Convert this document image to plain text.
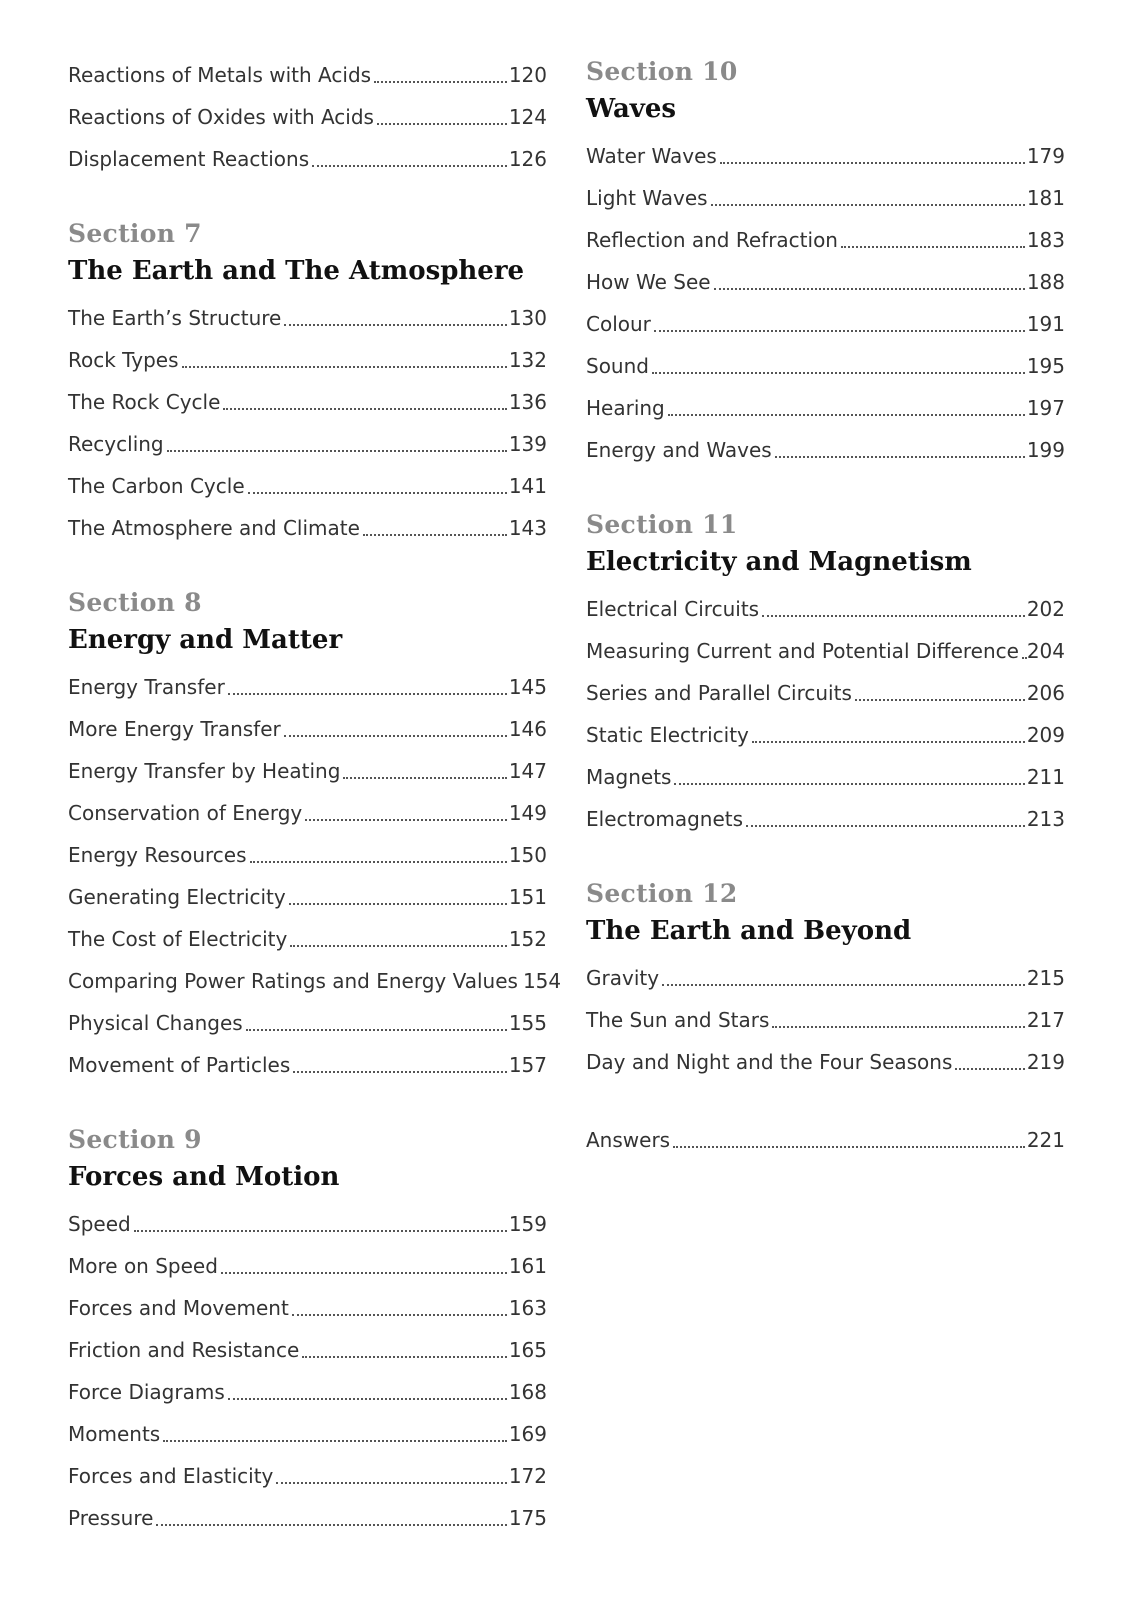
Reactions of Metals with Acids	120
Reactions of Oxides with Acids	124
Displacement Reactions	126
Section 7
The Earth and The Atmosphere
The Earth’s Structure	130
Rock Types	132
The Rock Cycle	136
Recycling	139
The Carbon Cycle	141
The Atmosphere and Climate	143
Section 8
Energy and Matter
Energy Transfer	145
More Energy Transfer	146
Energy Transfer by Heating	147
Conservation of Energy	149
Energy Resources	150
Generating Electricity	151
The Cost of Electricity	152
Comparing Power Ratings and Energy Values 154
Physical Changes	155
Movement of Particles	157
Section 9
Forces and Motion
Speed	159
More on Speed	161
Forces and Movement	163
Friction and Resistance	165
Force Diagrams	168
Moments	169
Forces and Elasticity	172
Pressure	175
Section 10
Waves
Water Waves	179
Light Waves	181
Reflection and Refraction	183
How We See	188
Colour	191
Sound	195
Hearing	197
Energy and Waves	199
Section 11
Electricity and Magnetism
Electrical Circuits	202
Measuring Current and Potential Difference 204
Series and Parallel Circuits	206
Static Electricity	209
Magnets	211
Electromagnets	213
Section 12
The Earth and Beyond
Gravity	215
The Sun and Stars	217
Day and Night and the Four Seasons	219
Answers	221
